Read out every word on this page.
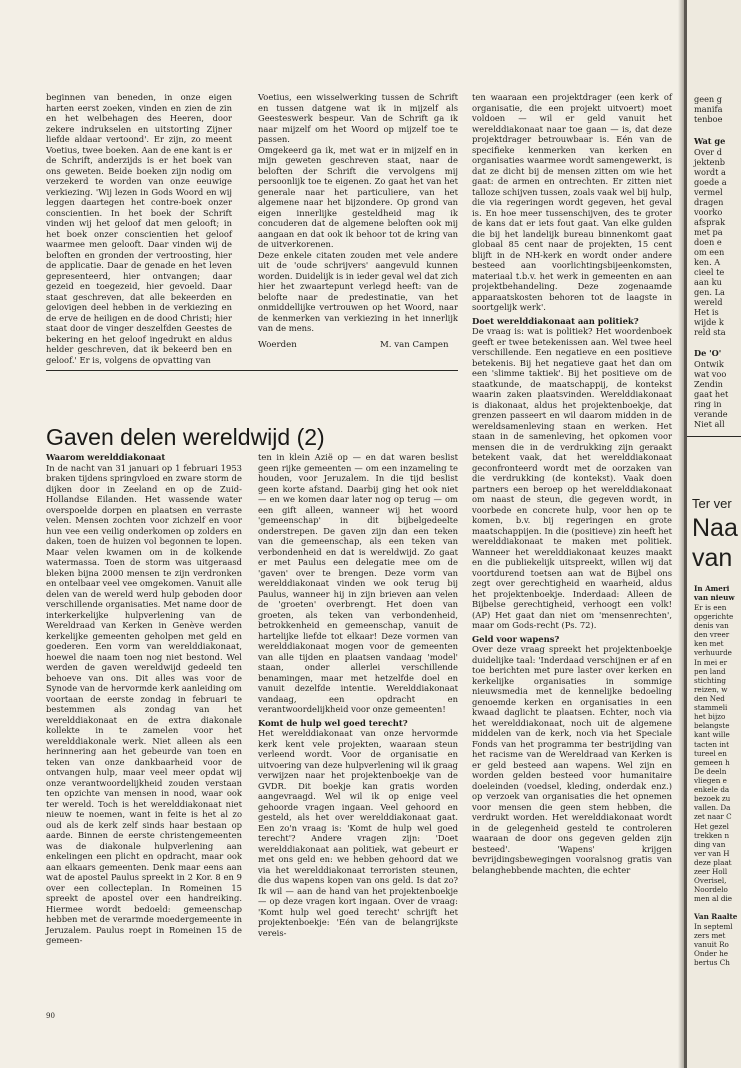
beginnen van beneden, in onze eigen harten eerst zoeken, vinden en zien de zin en het welbehagen des Heeren, door zekere indrukselen en uitstorting Zijner liefde aldaar vertoond'. Er zijn, zo meent Voetius, twee boeken. Aan de ene kant is er de Schrift, anderzijds is er het boek van ons geweten. Beide boeken zijn nodig om verzekerd te worden van onze eeuwige verkiezing. 'Wij lezen in Gods Woord en wij leggen daartegen het contre-boek onzer conscientien. In het boek der Schrift vinden wij het geloof dat men gelooft; in het boek onzer conscientien het geloof waarmee men gelooft. Daar vinden wij de beloften en gronden der vertroosting, hier de applicatie. Daar de genade en het leven gepresenteerd, hier ontvangen; daar gezeid en toegezeid, hier gevoeld. Daar staat geschreven, dat alle bekeerden en gelovigen deel hebben in de verkiezing en de erve de heiligen en de dood Christi; hier staat door de vinger deszelfden Geestes de bekering en het geloof ingedrukt en aldus helder geschreven, dat ik bekeerd ben en geloof.' Er is, volgens de opvatting van

Voetius, een wisselwerking tussen de Schrift en tussen datgene wat ik in mijzelf als Geesteswerk bespeur. Van de Schrift ga ik naar mijzelf om het Woord op mijzelf toe te passen.

Omgekeerd ga ik, met wat er in mijzelf en in mijn geweten geschreven staat, naar de beloften der Schrift die vervolgens mij persoonlijk toe te eigenen. Zo gaat het van het generale naar het particuliere, van het algemene naar het bijzondere. Op grond van eigen innerlijke gesteldheid mag ik concuderen dat de algemene beloften ook mij aangaan en dat ook ik behoor tot de kring van de uitverkorenen.

Deze enkele citaten zouden met vele andere uit de 'oude schrijvers' aangevuld kunnen worden. Duidelijk is in ieder geval wel dat zich hier het zwaartepunt verlegd heeft: van de belofte naar de predestinatie, van het onmiddellijke vertrouwen op het Woord, naar de kenmerken van verkiezing in het innerlijk van de mens.

Woerden	M. van Campen

ten waaraan een projektdrager (een kerk of organisatie, die een projekt uitvoert) moet voldoen — wil er geld vanuit het werelddiakonaat naar toe gaan — is, dat deze projektdrager betrouwbaar is. Eén van de specifieke kenmerken van kerken en organisaties waarmee wordt samengewerkt, is dat ze dicht bij de mensen zitten om wie het gaat: de armen en ontrechten. Er zitten niet talloze schijven tussen, zoals vaak wel bij hulp, die via regeringen wordt gegeven, het geval is. En hoe meer tussenschijven, des te groter de kans dat er iets fout gaat. Van elke gulden die bij het landelijk bureau binnenkomt gaat globaal 85 cent naar de projekten, 15 cent blijft in de NH-kerk en wordt onder andere besteed aan voorlichtingsbijeenkomsten, materiaal t.b.v. het werk in gemeenten en aan projektbehandeling. Deze zogenaamde apparaatskosten behoren tot de laagste in soortgelijk werk'.

Doet werelddiakonaat aan politiek?

De vraag is: wat is politiek? Het woordenboek geeft er twee betekenissen aan. Wel twee heel verschillende. Een negatieve en een positieve betekenis. Bij het negatieve gaat het dan om een 'slimme taktiek'. Bij het positieve om de staatkunde, de maatschappij, de kontekst waarin zaken plaatsvinden. Werelddiakonaat is diakonaat, aldus het projektenboekje, dat grenzen passeert en wil daarom midden in de wereldsamenleving staan en werken. Het staan in de samenleving, het opkomen voor mensen die in de verdrukking zijn geraakt betekent vaak, dat het werelddiakonaat geconfronteerd wordt met de oorzaken van die verdrukking (de kontekst). Vaak doen partners een beroep op het werelddiakonaat om naast de steun, die gegeven wordt, in voorbede en concrete hulp, voor hen op te komen, b.v. bij regeringen en grote maatschappijen. In die (positieve) zin heeft het werelddiakonaat te maken met politiek. Wanneer het werelddiakonaat keuzes maakt en die publiekelijk uitspreekt, willen wij dat voortdurend toetsen aan wat de Bijbel ons zegt over gerechtigheid en waarheid, aldus het projektenboekje. Inderdaad: Alleen de Bijbelse gerechtigheid, verhoogt een volk! (AP) Het gaat dan niet om 'mensenrechten', maar om Gods-recht (Ps. 72).

Geld voor wapens?

Over deze vraag spreekt het projektenboekje duidelijke taal: 'Inderdaad verschijnen er af en toe berichten met pure laster over kerken en kerkelijke organisaties in sommige nieuwsmedia met de kennelijke bedoeling genoemde kerken en organisaties in een kwaad daglicht te plaatsen. Echter, noch via het werelddiakonaat, noch uit de algemene middelen van de kerk, noch via het Speciale Fonds van het programma ter bestrijding van het racisme van de Wereldraad van Kerken is er geld besteed aan wapens. Wel zijn en worden gelden besteed voor humanitaire doeleinden (voedsel, kleding, onderdak enz.) op verzoek van organisaties die het opnemen voor mensen die geen stem hebben, die verdrukt worden. Het werelddiakonaat wordt in de gelegenheid gesteld te controleren waaraan de door ons gegeven gelden zijn besteed'. 'Wapens' krijgen bevrijdingsbewegingen vooralsnog gratis van belanghebbende machten, die echter

Gaven delen wereldwijd (2)

Waarom werelddiakonaat

In de nacht van 31 januari op 1 februari 1953 braken tijdens springvloed en zware storm de dijken door in Zeeland en op de Zuid-Hollandse Eilanden. Het wassende water overspoelde dorpen en plaatsen en verraste velen. Mensen zochten voor zichzelf en voor hun vee een veilig onderkomen op zolders en daken, toen de huizen vol begonnen te lopen. Maar velen kwamen om in de kolkende watermassa. Toen de storm was uitgeraasd bleken bijna 2000 mensen te zijn verdronken en ontelbaar veel vee omgekomen. Vanuit alle delen van de wereld werd hulp geboden door verschillende organisaties. Met name door de interkerkelijke hulpverlening van de Wereldraad van Kerken in Genève werden kerkelijke gemeenten geholpen met geld en goederen. Een vorm van werelddiakonaat, hoewel die naam toen nog niet bestond. Wel werden de gaven wereldwijd gedeeld ten behoeve van ons. Dit alles was voor de Synode van de hervormde kerk aanleiding om voortaan de eerste zondag in februari te bestemmen als zondag van het werelddiakonaat en de extra diakonale kollekte in te zamelen voor het werelddiakonale werk. Niet alleen als een herinnering aan het gebeurde van toen en teken van onze dankbaarheid voor de ontvangen hulp, maar veel meer opdat wij onze verantwoordelijkheid zouden verstaan ten opzichte van mensen in nood, waar ook ter wereld. Toch is het werelddiakonaat niet nieuw te noemen, want in feite is het al zo oud als de kerk zelf sinds haar bestaan op aarde. Binnen de eerste christengemeenten was de diakonale hulpverlening aan enkelingen een plicht en opdracht, maar ook aan elkaars gemeenten. Denk maar eens aan wat de apostel Paulus spreekt in 2 Kor. 8 en 9 over een collecteplan. In Romeinen 15 spreekt de apostel over een handreiking. Hiermee wordt bedoeld: gemeenschap hebben met de verarmde moedergemeente in Jeruzalem. Paulus roept in Romeinen 15 de gemeen-

ten in klein Azië op — en dat waren beslist geen rijke gemeenten — om een inzameling te houden, voor Jeruzalem. In die tijd beslist geen korte afstand. Daarbij ging het ook niet — en we komen daar later nog op terug — om een gift alleen, wanneer wij het woord 'gemeenschap' in dit bijbelgedeelte onderstrepen. De gaven zijn dan een teken van die gemeenschap, als een teken van verbondenheid en dat is wereldwijd. Zo gaat er met Paulus een delegatie mee om de 'gaven' over te brengen. Deze vorm van werelddiakonaat vinden we ook terug bij Paulus, wanneer hij in zijn brieven aan velen de 'groeten' overbrengt. Het doen van groeten, als teken van verbondenheid, betrokkenheid en gemeenschap, vanuit de hartelijke liefde tot elkaar! Deze vormen van werelddiakonaat mogen voor de gemeenten van alle tijden en plaatsen vandaag 'model' staan, onder allerlei verschillende benamingen, maar met hetzelfde doel en vanuit dezelfde intentie. Werelddiakonaat vandaag, een opdracht en verantwoordelijkheid voor onze gemeenten!

Komt de hulp wel goed terecht?

Het werelddiakonaat van onze hervormde kerk kent vele projekten, waaraan steun verleend wordt. Voor de organisatie en uitvoering van deze hulpverlening wil ik graag verwijzen naar het projektenboekje van de GVDR. Dit boekje kan gratis worden aangevraagd. Wel wil ik op enige veel gehoorde vragen ingaan. Veel gehoord en gesteld, als het over werelddiakonaat gaat. Een zo'n vraag is: 'Komt de hulp wel goed terecht'? Andere vragen zijn: 'Doet werelddiakonaat aan politiek, wat gebeurt er met ons geld en: we hebben gehoord dat we via het werelddiakonaat terroristen steunen, die dus wapens kopen van ons geld. Is dat zo? Ik wil — aan de hand van het projektenboekje — op deze vragen kort ingaan. Over de vraag: 'Komt hulp wel goed terecht' schrijft het projektenboekje: 'Eén van de belangrijkste vereis-

90
geen g
manifa
tenboe
Wat ge
Over d
jektenb
wordt a
goede a
vermel
dragen
voorko
afsprak
met pa
doen e
om een
ken. A
cieel te
aan ku
gen. La
wereld
Het is
wijde k
reld sta
De 'O'
Ontwik
wat voo
Zendin
gaat het
ring in
verande
Niet all
Ter ver
Naa
van
In Ameri
van nieuw
Er is een
opgerichte
denis van
den vreer
ken met
verhuurde
In mei er
pen land
stichting
reizen, w
den Ned
stammeli
het bijzo
belangste
kant wille
tacten int
tureel en
gemeen h
De deeln
vliegen e
enkele da
bezoek zu
vallen. Da
zet naar C
Het gezel
trekken n
ding van
ver van H
deze plaat
zeer Holl
Overisel,
Noordelo
men al die
Van Raalte
In septeml
zers met
vanuit Ro
Onder he
bertus Ch
